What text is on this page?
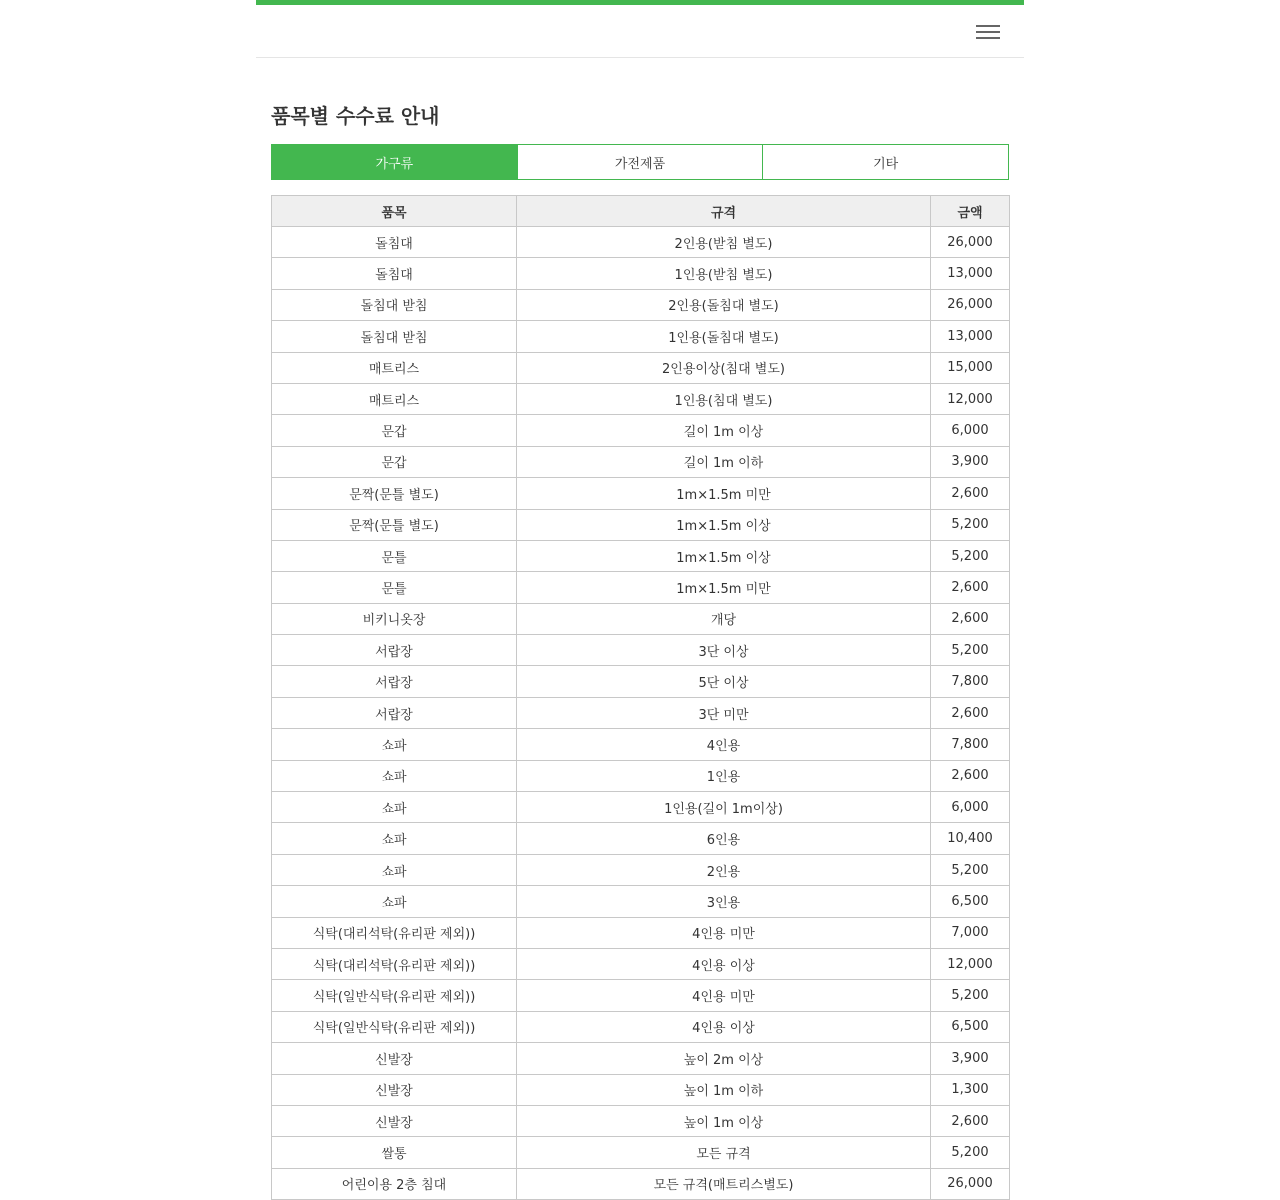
품목별 수수료 안내
가구류	가전제품	기타
품목	규격	금액
돌침대	2인용(받침 별도)	26,000
돌침대	1인용(받침 별도)	13,000
돌침대 받침	2인용(돌침대 별도)	26,000
돌침대 받침	1인용(돌침대 별도)	13,000
매트리스	2인용이상(침대 별도)	15,000
매트리스	1인용(침대 별도)	12,000
문갑	길이 1m 이상	6,000
문갑	길이 1m 이하	3,900
문짝(문틀 별도)	1m×1.5m 미만	2,600
문짝(문틀 별도)	1m×1.5m 이상	5,200
문틀	1m×1.5m 이상	5,200
문틀	1m×1.5m 미만	2,600
비키니옷장	개당	2,600
서랍장	3단 이상	5,200
서랍장	5단 이상	7,800
서랍장	3단 미만	2,600
쇼파	4인용	7,800
쇼파	1인용	2,600
쇼파	1인용(길이 1m이상)	6,000
쇼파	6인용	10,400
쇼파	2인용	5,200
쇼파	3인용	6,500
식탁(대리석탁(유리판 제외))	4인용 미만	7,000
식탁(대리석탁(유리판 제외))	4인용 이상	12,000
식탁(일반식탁(유리판 제외))	4인용 미만	5,200
식탁(일반식탁(유리판 제외))	4인용 이상	6,500
신발장	높이 2m 이상	3,900
신발장	높이 1m 이하	1,300
신발장	높이 1m 이상	2,600
쌀통	모든 규격	5,200
어린이용 2층 침대	모든 규격(매트리스별도)	26,000
